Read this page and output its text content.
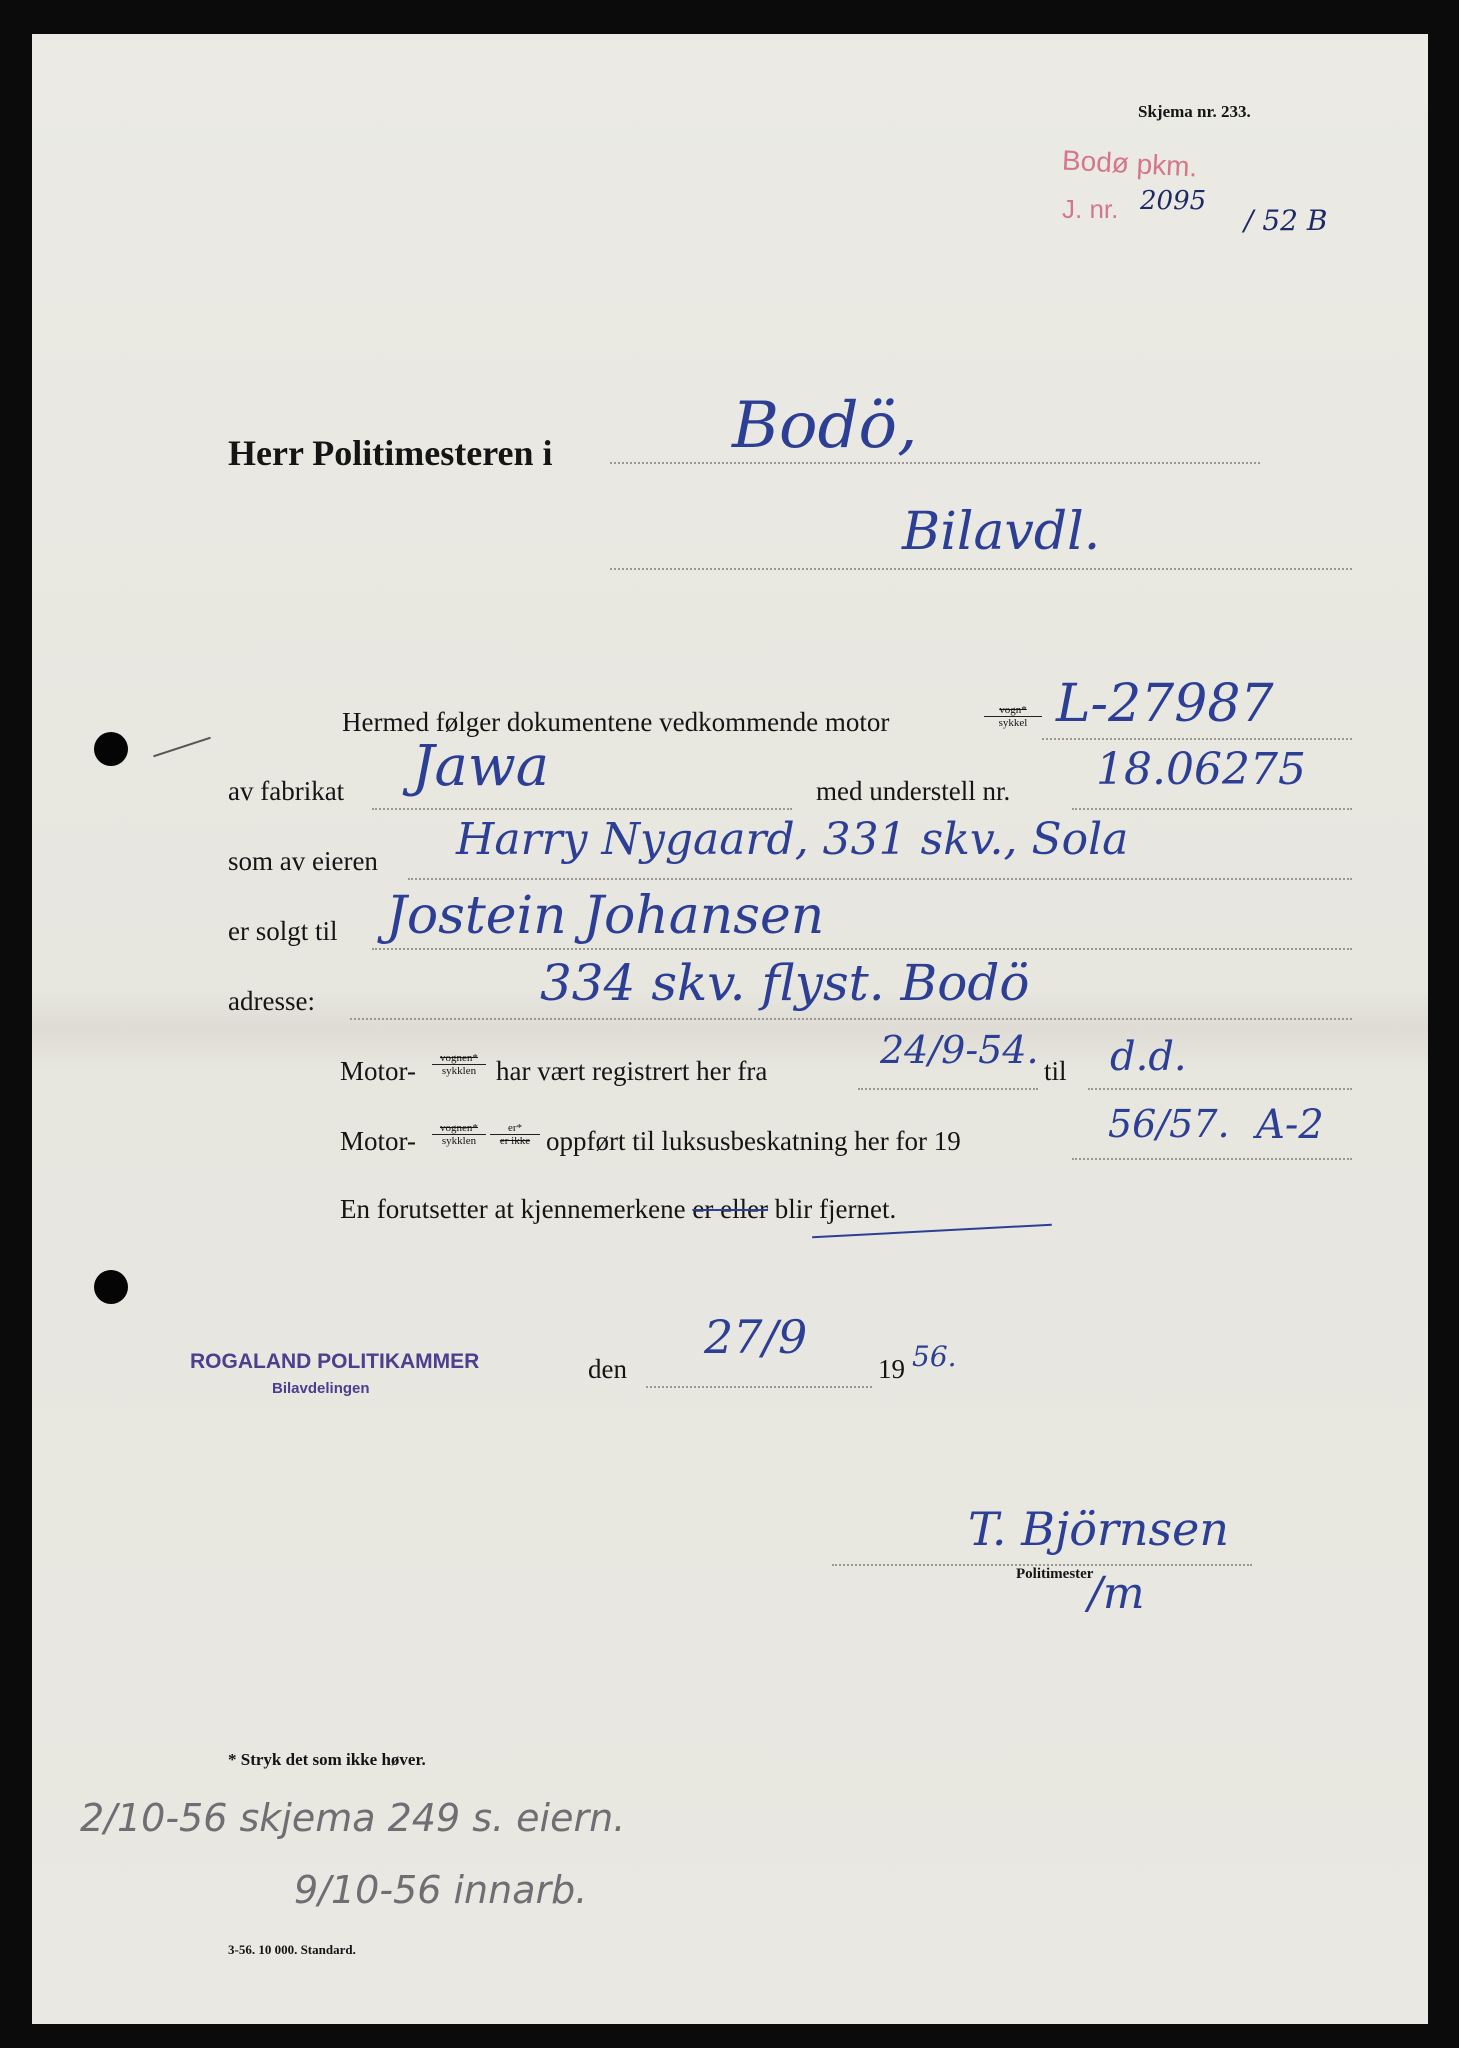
Skjema nr. 233.
Bodø pkm.
J. nr. 2095
/ 52 B
Herr Politimesteren i	Bodö,
Bilavdl.
Hermed følger dokumentene vedkommende motor	vogn*
sykkel L-27987
av fabrikat Jawa	med understell nr. 18.06275
som av eieren Harry Nygaard, 331 skv., Sola
er solgt til Jostein Johansen
adresse:	334 skv. flyst. Bodö
Motor-	vognen*
sykklen har vært registrert her fra	24/9-54. til d.d.
Motor-	vognen*
sykklen
er*
er ikke oppført til luksusbeskatning her for 19	56/57. A-2
En forutsetter at kjennemerkene er eller blir fjernet.
ROGALAND POLITIKAMMER
Bilavdelingen
den
27/9
19 56.
T. Björnsen
Politimester
/m
* Stryk det som ikke høver.
2/10-56 skjema 249 s. eiern.
9/10-56 innarb.
3-56. 10 000. Standard.
